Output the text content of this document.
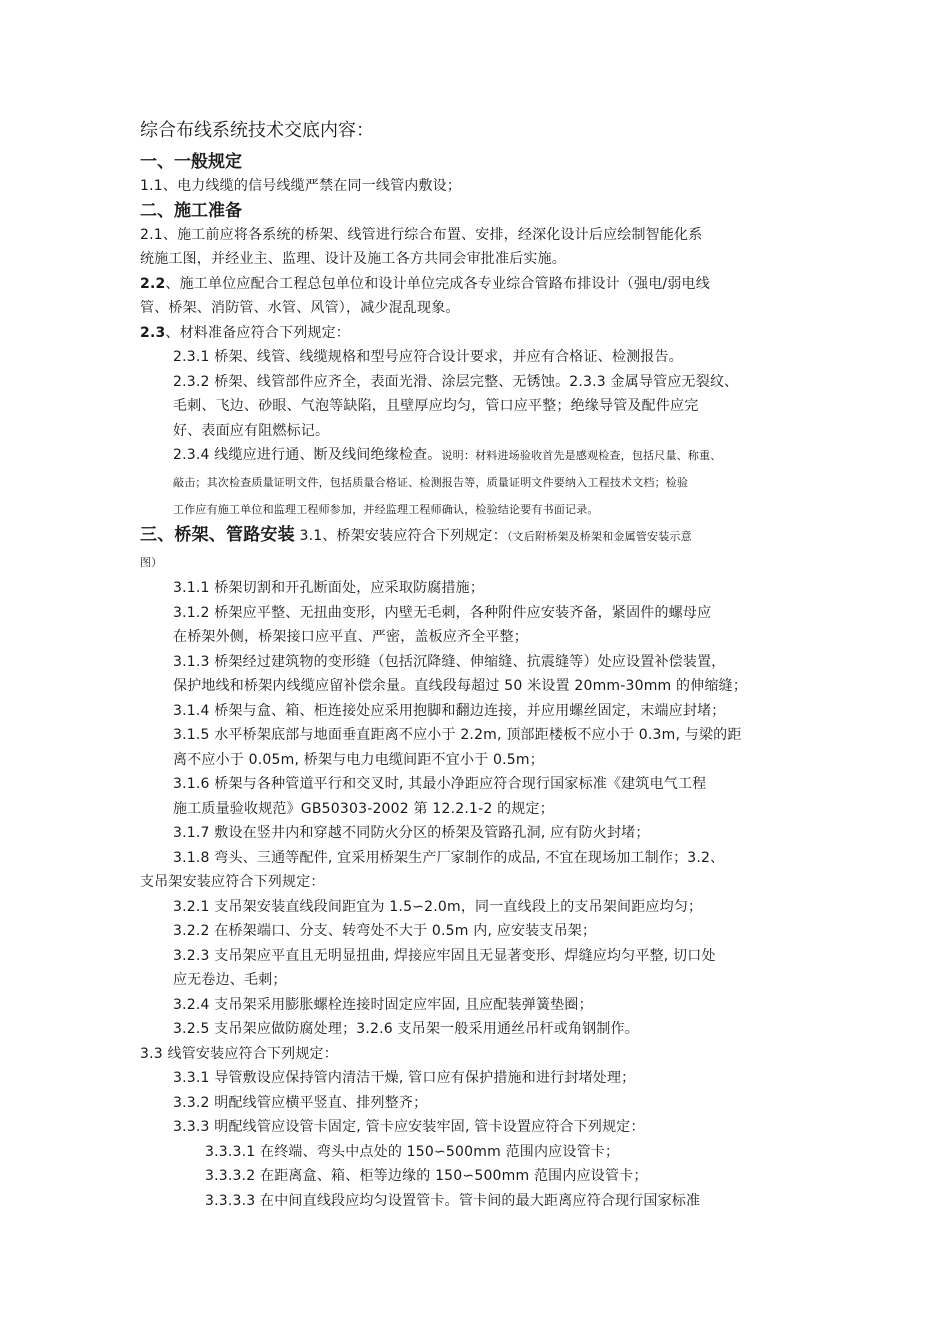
综合布线系统技术交底内容：
一、一般规定
1.1、电力线缆的信号线缆严禁在同一线管内敷设；
二、施工准备
2.1、施工前应将各系统的桥架、线管进行综合布置、安排，经深化设计后应绘制智能化系
统施工图，并经业主、监理、设计及施工各方共同会审批准后实施。
2.2、施工单位应配合工程总包单位和设计单位完成各专业综合管路布排设计（强电/弱电线
管、桥架、消防管、水管、风管），减少混乱现象。
2.3、材料准备应符合下列规定：
2.3.1 桥架、线管、线缆规格和型号应符合设计要求，并应有合格证、检测报告。
2.3.2 桥架、线管部件应齐全，表面光滑、涂层完整、无锈蚀。2.3.3 金属导管应无裂纹、
毛刺、飞边、砂眼、气泡等缺陷，且壁厚应均匀，管口应平整；绝缘导管及配件应完
好、表面应有阻燃标记。
2.3.4 线缆应进行通、断及线间绝缘检查。说明：材料进场验收首先是感观检查，包括尺量、称重、
敲击；其次检查质量证明文件，包括质量合格证、检测报告等，质量证明文件要纳入工程技术文档；检验
工作应有施工单位和监理工程师参加，并经监理工程师确认，检验结论要有书面记录。
三、桥架、管路安装 3.1、桥架安装应符合下列规定：（文后附桥架及桥架和金属管安装示意
图）
3.1.1 桥架切割和开孔断面处，应采取防腐措施；
3.1.2 桥架应平整、无扭曲变形，内壁无毛刺，各种附件应安装齐备，紧固件的螺母应
在桥架外侧，桥架接口应平直、严密，盖板应齐全平整；
3.1.3 桥架经过建筑物的变形缝（包括沉降缝、伸缩缝、抗震缝等）处应设置补偿装置，
保护地线和桥架内线缆应留补偿余量。直线段每超过 50 米设置 20mm-30mm 的伸缩缝；
3.1.4 桥架与盒、箱、柜连接处应采用抱脚和翻边连接，并应用螺丝固定，末端应封堵；
3.1.5 水平桥架底部与地面垂直距离不应小于 2.2m, 顶部距楼板不应小于 0.3m, 与梁的距
离不应小于 0.05m, 桥架与电力电缆间距不宜小于 0.5m；
3.1.6 桥架与各种管道平行和交叉时, 其最小净距应符合现行国家标准《建筑电气工程
施工质量验收规范》GB50303-2002 第 12.2.1-2 的规定；
3.1.7 敷设在竖井内和穿越不同防火分区的桥架及管路孔洞, 应有防火封堵；
3.1.8 弯头、三通等配件, 宜采用桥架生产厂家制作的成品, 不宜在现场加工制作；3.2、
支吊架安装应符合下列规定：
3.2.1 支吊架安装直线段间距宜为 1.5∽2.0m，同一直线段上的支吊架间距应均匀；
3.2.2 在桥架端口、分支、转弯处不大于 0.5m 内, 应安装支吊架；
3.2.3 支吊架应平直且无明显扭曲, 焊接应牢固且无显著变形、焊缝应均匀平整, 切口处
应无卷边、毛刺；
3.2.4 支吊架采用膨胀螺栓连接时固定应牢固, 且应配装弹簧垫圈；
3.2.5 支吊架应做防腐处理；3.2.6 支吊架一般采用通丝吊杆或角钢制作。
3.3 线管安装应符合下列规定：
3.3.1 导管敷设应保持管内清洁干燥, 管口应有保护措施和进行封堵处理；
3.3.2 明配线管应横平竖直、排列整齐；
3.3.3 明配线管应设管卡固定, 管卡应安装牢固, 管卡设置应符合下列规定：
3.3.3.1 在终端、弯头中点处的 150∽500mm 范围内应设管卡；
3.3.3.2 在距离盒、箱、柜等边缘的 150∽500mm 范围内应设管卡；
3.3.3.3 在中间直线段应均匀设置管卡。管卡间的最大距离应符合现行国家标准
